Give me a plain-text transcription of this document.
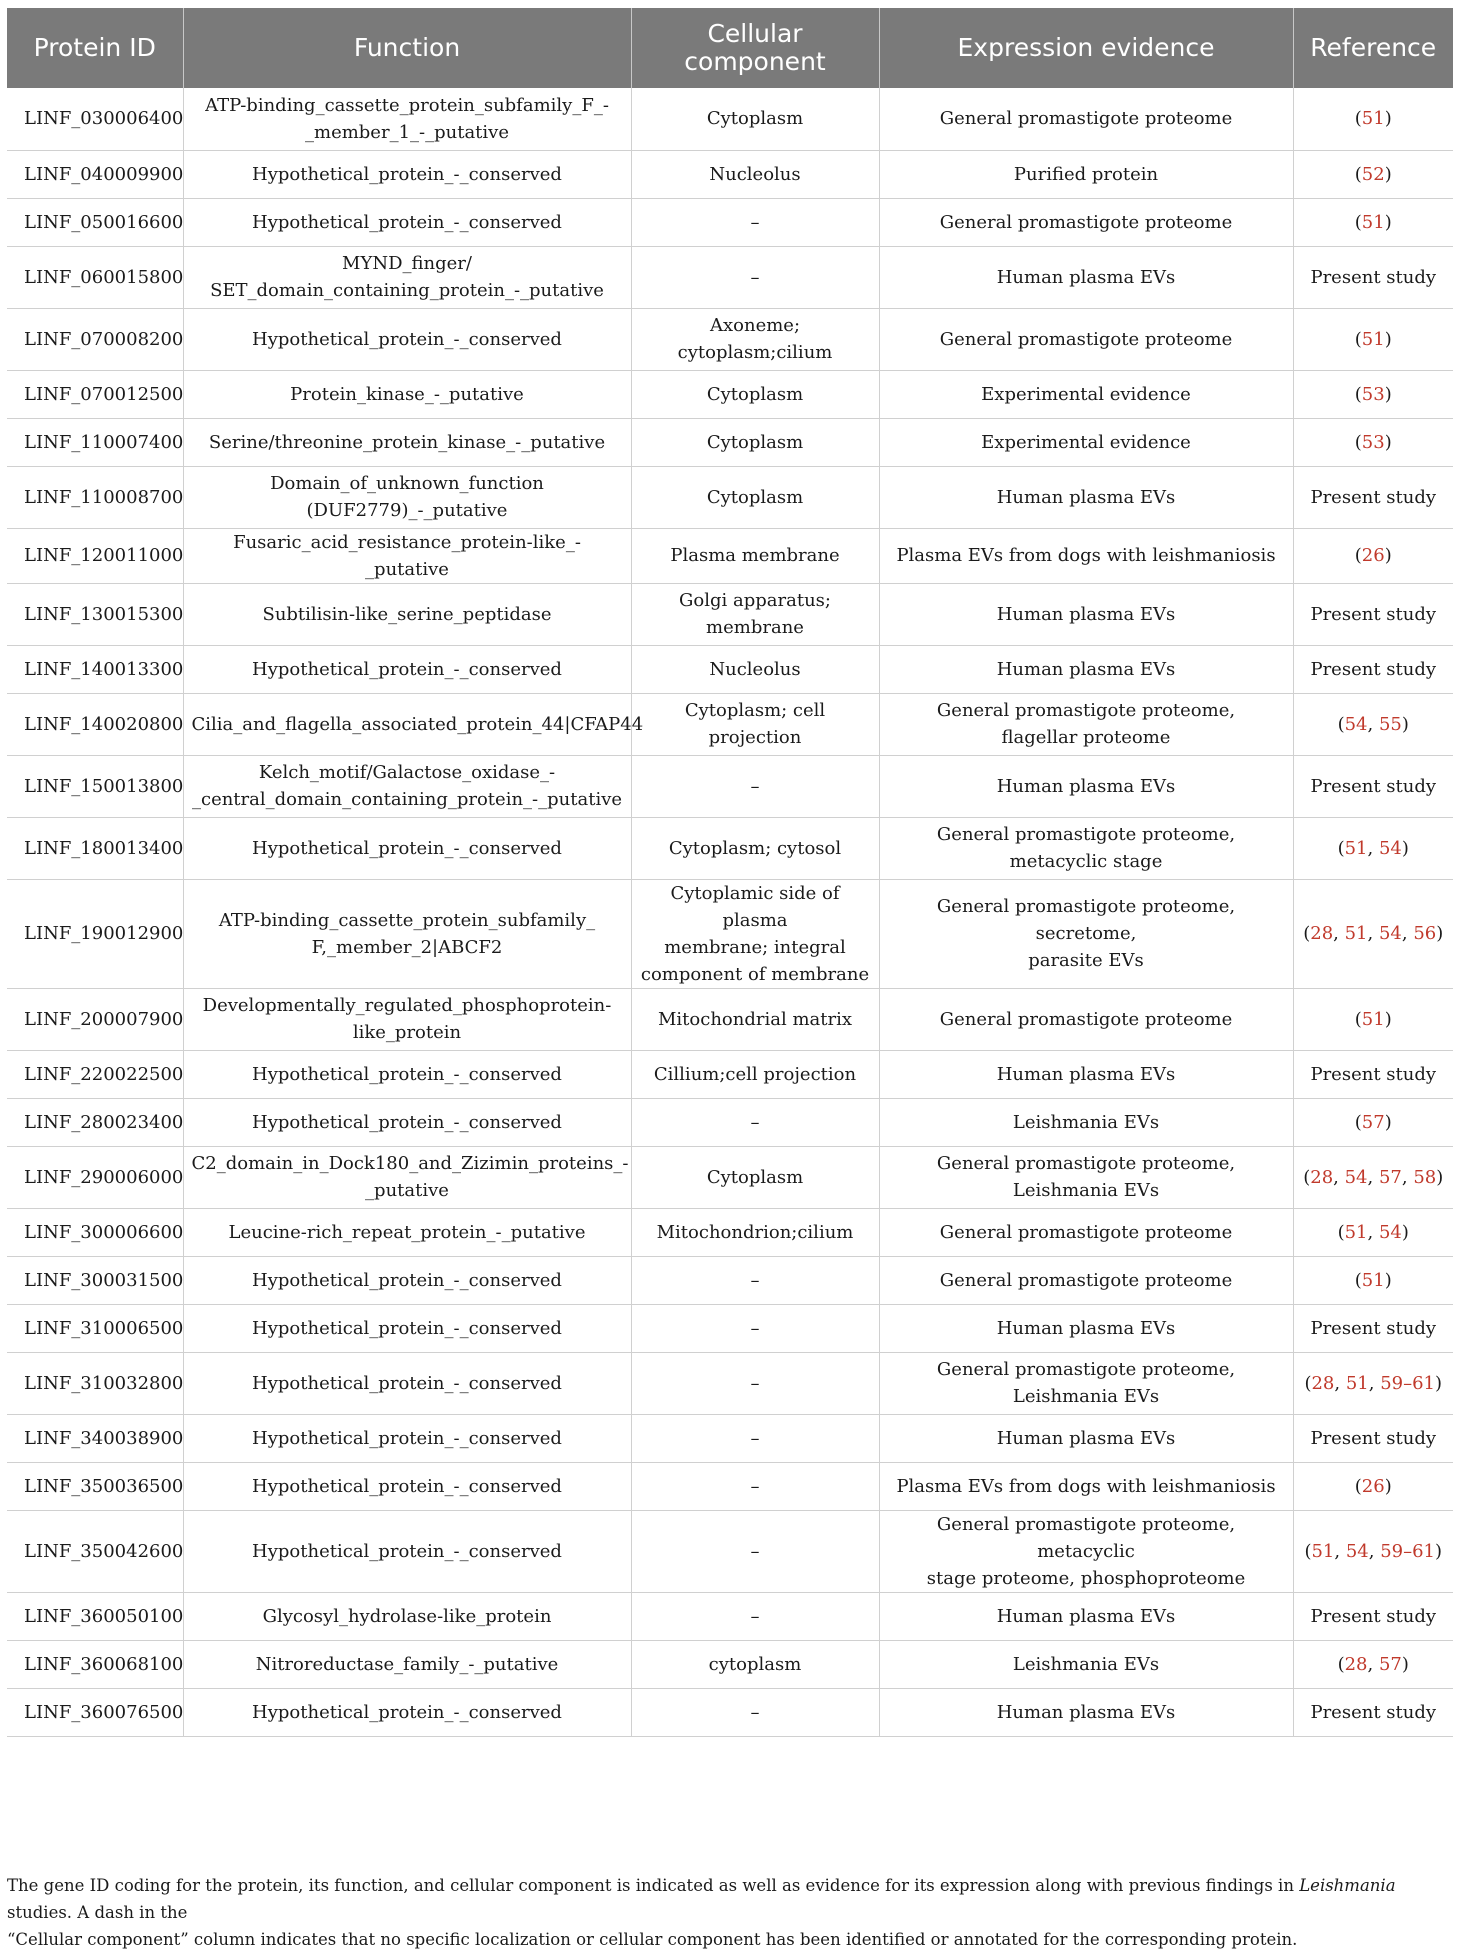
Protein ID	Function	Cellular
component	Expression evidence	Reference
LINF_030006400	ATP-binding_cassette_protein_subfamily_F_-
_member_1_-_putative	Cytoplasm	General promastigote proteome	(51)
LINF_040009900	Hypothetical_protein_-_conserved	Nucleolus	Purified protein	(52)
LINF_050016600	Hypothetical_protein_-_conserved	–	General promastigote proteome	(51)
LINF_060015800	MYND_finger/
SET_domain_containing_protein_-_putative	–	Human plasma EVs	Present study
LINF_070008200	Hypothetical_protein_-_conserved	Axoneme;
cytoplasm;cilium	General promastigote proteome	(51)
LINF_070012500	Protein_kinase_-_putative	Cytoplasm	Experimental evidence	(53)
LINF_110007400	Serine/threonine_protein_kinase_-_putative	Cytoplasm	Experimental evidence	(53)
LINF_110008700	Domain_of_unknown_function
(DUF2779)_-_putative	Cytoplasm	Human plasma EVs	Present study
LINF_120011000	Fusaric_acid_resistance_protein-like_-_putative	Plasma membrane	Plasma EVs from dogs with leishmaniosis	(26)
LINF_130015300	Subtilisin-like_serine_peptidase	Golgi apparatus;
membrane	Human plasma EVs	Present study
LINF_140013300	Hypothetical_protein_-_conserved	Nucleolus	Human plasma EVs	Present study
LINF_140020800	Cilia_and_flagella_associated_protein_44|CFAP44	Cytoplasm; cell projection	General promastigote proteome,
flagellar proteome	(54, 55)
LINF_150013800	Kelch_motif/Galactose_oxidase_-
_central_domain_containing_protein_-_putative	–	Human plasma EVs	Present study
LINF_180013400	Hypothetical_protein_-_conserved	Cytoplasm; cytosol	General promastigote proteome,
metacyclic stage	(51, 54)
LINF_190012900	ATP-binding_cassette_protein_subfamily_
F,_member_2|ABCF2	Cytoplamic side of plasma
membrane; integral
component of membrane	General promastigote proteome, secretome,
parasite EVs	(28, 51, 54, 56)
LINF_200007900	Developmentally_regulated_phosphoprotein-
like_protein	Mitochondrial matrix	General promastigote proteome	(51)
LINF_220022500	Hypothetical_protein_-_conserved	Cillium;cell projection	Human plasma EVs	Present study
LINF_280023400	Hypothetical_protein_-_conserved	–	Leishmania EVs	(57)
LINF_290006000	C2_domain_in_Dock180_and_Zizimin_proteins_-
_putative	Cytoplasm	General promastigote proteome,
Leishmania EVs	(28, 54, 57, 58)
LINF_300006600	Leucine-rich_repeat_protein_-_putative	Mitochondrion;cilium	General promastigote proteome	(51, 54)
LINF_300031500	Hypothetical_protein_-_conserved	–	General promastigote proteome	(51)
LINF_310006500	Hypothetical_protein_-_conserved	–	Human plasma EVs	Present study
LINF_310032800	Hypothetical_protein_-_conserved	–	General promastigote proteome,
Leishmania EVs	(28, 51, 59–61)
LINF_340038900	Hypothetical_protein_-_conserved	–	Human plasma EVs	Present study
LINF_350036500	Hypothetical_protein_-_conserved	–	Plasma EVs from dogs with leishmaniosis	(26)
LINF_350042600	Hypothetical_protein_-_conserved	–	General promastigote proteome, metacyclic
stage proteome, phosphoproteome	(51, 54, 59–61)
LINF_360050100	Glycosyl_hydrolase-like_protein	–	Human plasma EVs	Present study
LINF_360068100	Nitroreductase_family_-_putative	cytoplasm	Leishmania EVs	(28, 57)
LINF_360076500	Hypothetical_protein_-_conserved	–	Human plasma EVs	Present study
The gene ID coding for the protein, its function, and cellular component is indicated as well as evidence for its expression along with previous findings in Leishmania studies. A dash in the
“Cellular component” column indicates that no specific localization or cellular component has been identified or annotated for the corresponding protein.
